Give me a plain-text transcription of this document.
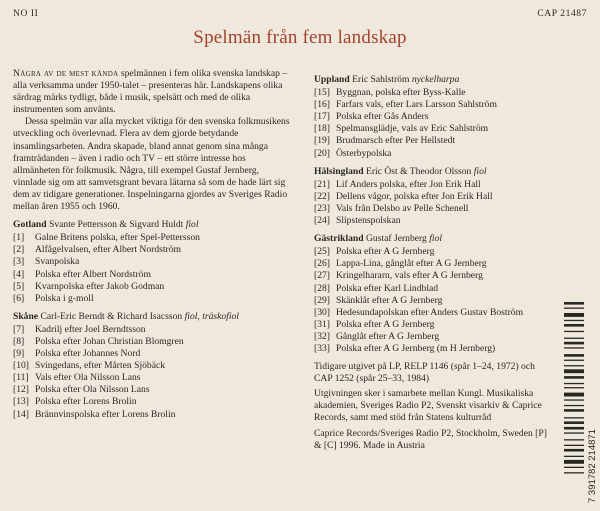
NO II	CAP 21487
Spelmän från fem landskap

Några av de mest kända spelmännen i fem olika svenska landskap – alla verksamma under 1950-talet – presenteras här. Landskapens olika särdrag märks tydligt, både i musik, spelsätt och med de olika instrumenten som använts.

Dessa spelmän var alla mycket viktiga för den svenska folkmusikens utveckling och överlevnad. Flera av dem gjorde betydande insamlingsarbeten. Andra skapade, bland annat genom sina många framträdanden – även i radio och TV – ett större intresse hos allmänheten för folkmusik. Några, till exempel Gustaf Jernberg, vinnlade sig om att samvetsgrant bevara lätarna så som de hade lärt sig dem av tidigare generationer. Inspelningarna gjordes av Sveriges Radio mellan åren 1955 och 1960.

Gotland Svante Pettersson & Sigvard Huldt fiol
[ 1 ]	Galne Britens polska, efter Spel-Pettersson
[ 2 ]	Alfågelvalsen, efter Albert Nordström
[ 3 ]	Svanpolska
[ 4 ]	Polska efter Albert Nordström
[ 5 ]	Kvarnpolska efter Jakob Godman
[ 6 ]	Polska i g-moll
Skåne Carl-Eric Berndt & Richard Isacsson fiol, träskofiol
[ 7 ]	Kadrilj efter Joel Berndtsson
[ 8 ]	Polska efter Johan Christian Blomgren
[ 9 ]	Polska efter Johannes Nord
[ 10 ] Svingedans, efter Mårten Sjöbäck
[ 11 ] Vals efter Ola Nilsson Lans
[ 12 ] Polska efter Ola Nilsson Lans
[ 13 ] Polska efter Lorens Brolin
[ 14 ] Brännvinspolska efter Lorens Brolin
Uppland Eric Sahlström nyckelharpa
[ 15 ] Byggnan, polska efter Byss-Kalle
[ 16 ] Farfars vals, efter Lars Larsson Sahlström
[ 17 ] Polska efter Gås Anders
[ 18 ] Spelmansglädje, vals av Eric Sahlström
[ 19 ] Brudmarsch efter Per Hellstedt
[ 20 ] Österbypolska
Hälsingland Eric Öst & Theodor Olsson fiol
[ 21 ] Lif Anders polska, efter Jon Erik Hall
[ 22 ] Dellens vågor, polska efter Jon Erik Hall
[ 23 ] Vals från Delsbo av Pelle Schenell
[ 24 ] Slipstenspolskan
Gästrikland Gustaf Jernberg fiol
[ 25 ] Polska efter A G Jernberg
[ 26 ] Lappa-Lina, gånglåt efter A G Jernberg
[ 27 ] Kringelhararn, vals efter A G Jernberg
[ 28 ] Polska efter Karl Lindblad
[ 29 ] Skänklåt efter A G Jernberg
[ 30 ] Hedesundapolskan efter Anders Gustav Boström
[ 31 ] Polska efter A G Jernberg
[ 32 ] Gånglåt efter A G Jernberg
[ 33 ] Polska efter A G Jernberg (m H Jernberg)

Tidigare utgivet på LP, RELP 1146 (spår 1–24, 1972) och CAP 1252 (spår 25–33, 1984)

Utgivningen sker i samarbete mellan Kungl. Musikaliska akademien, Sveriges Radio P2, Svenskt visarkiv & Caprice Records, samt med stöd från Statens kulturråd

Caprice Records/Sveriges Radio P2, Stockholm, Sweden [P] & [C] 1996. Made in Austria	7 391782 214871
